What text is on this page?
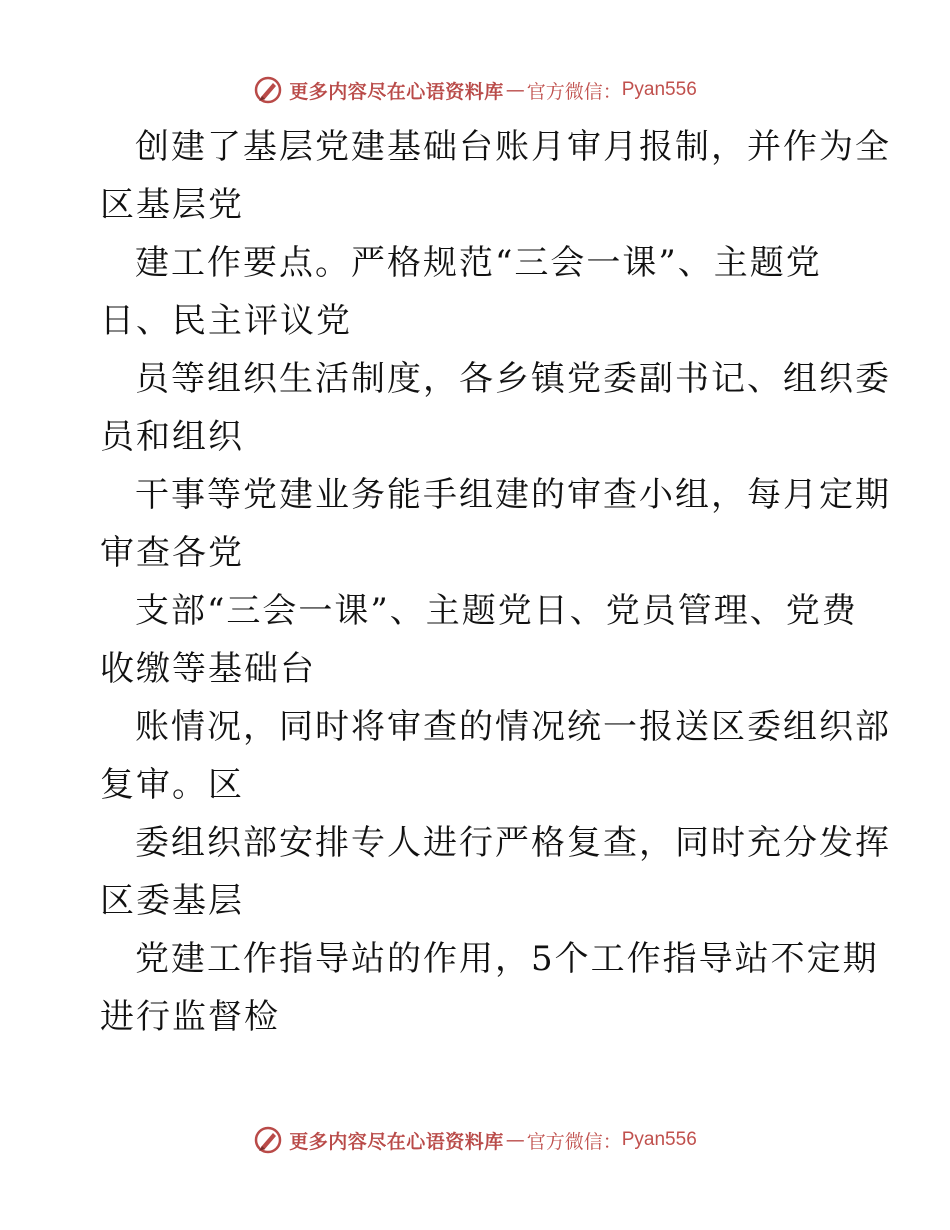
更多内容尽在心语资料库 — 官方微信： Pyan556
创建了基层党建基础台账月审月报制，并作为全
区基层党
建工作要点。严格规范“三会一课”、主题党
日、民主评议党
员等组织生活制度，各乡镇党委副书记、组织委
员和组织
干事等党建业务能手组建的审查小组，每月定期
审查各党
支部“三会一课”、主题党日、党员管理、党费
收缴等基础台
账情况，同时将审查的情况统一报送区委组织部
复审。区
委组织部安排专人进行严格复查，同时充分发挥
区委基层
党建工作指导站的作用，5个工作指导站不定期
进行监督检
更多内容尽在心语资料库 — 官方微信： Pyan556
